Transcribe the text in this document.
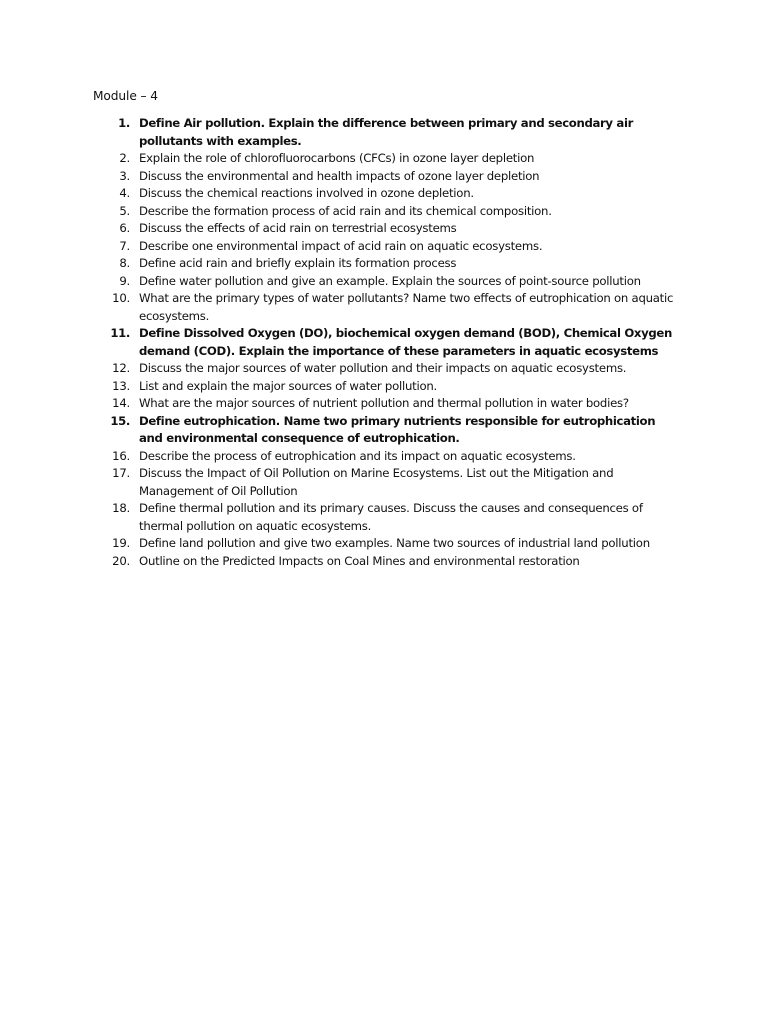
Module – 4
1. Define Air pollution. Explain the difference between primary and secondary air pollutants with examples.
2. Explain the role of chlorofluorocarbons (CFCs) in ozone layer depletion
3. Discuss the environmental and health impacts of ozone layer depletion
4. Discuss the chemical reactions involved in ozone depletion.
5. Describe the formation process of acid rain and its chemical composition.
6. Discuss the effects of acid rain on terrestrial ecosystems
7. Describe one environmental impact of acid rain on aquatic ecosystems.
8. Define acid rain and briefly explain its formation process
9. Define water pollution and give an example. Explain the sources of point-source pollution
10. What are the primary types of water pollutants? Name two effects of eutrophication on aquatic ecosystems.
11. Define Dissolved Oxygen (DO), biochemical oxygen demand (BOD), Chemical Oxygen demand (COD). Explain the importance of these parameters in aquatic ecosystems
12. Discuss the major sources of water pollution and their impacts on aquatic ecosystems.
13. List and explain the major sources of water pollution.
14. What are the major sources of nutrient pollution and thermal pollution in water bodies?
15. Define eutrophication. Name two primary nutrients responsible for eutrophication and environmental consequence of eutrophication.
16. Describe the process of eutrophication and its impact on aquatic ecosystems.
17. Discuss the Impact of Oil Pollution on Marine Ecosystems. List out the Mitigation and Management of Oil Pollution
18. Define thermal pollution and its primary causes. Discuss the causes and consequences of thermal pollution on aquatic ecosystems.
19. Define land pollution and give two examples. Name two sources of industrial land pollution
20. Outline on the Predicted Impacts on Coal Mines and environmental restoration
